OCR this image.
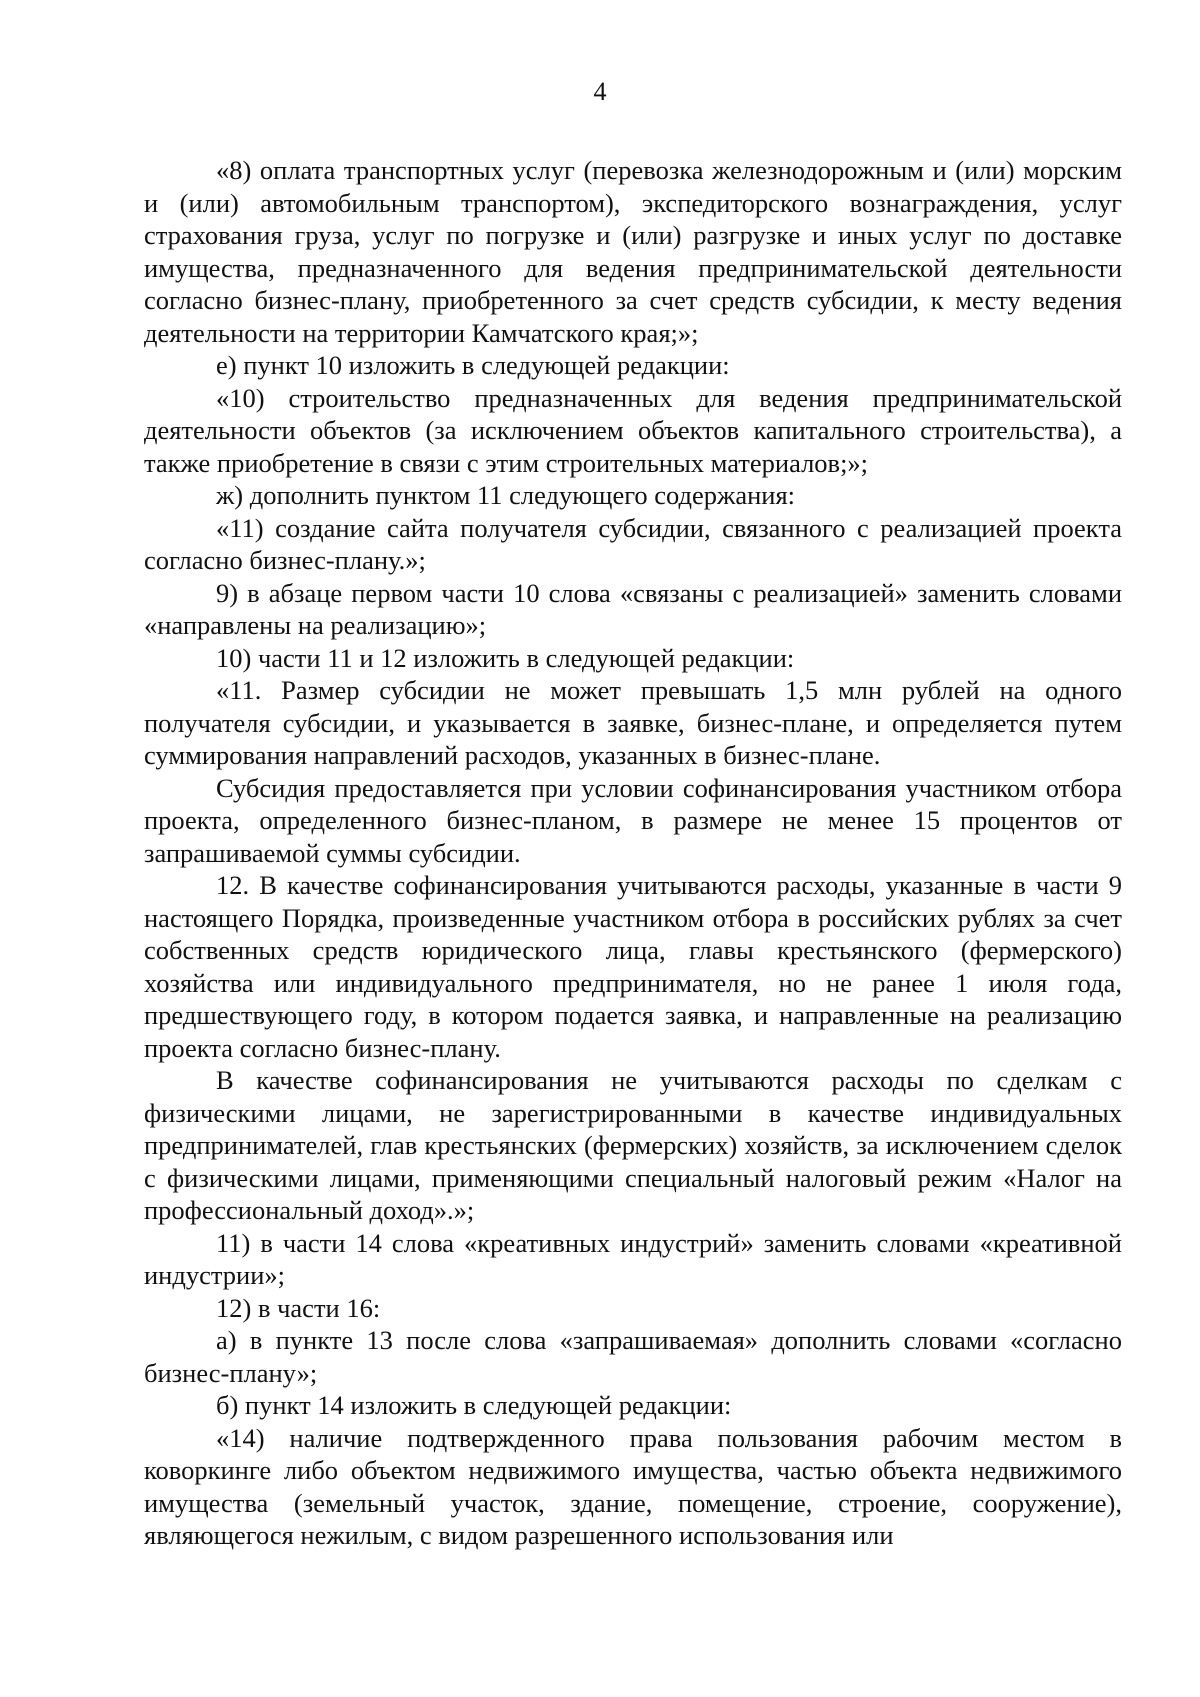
4

«8) оплата транспортных услуг (перевозка железнодорожным и (или) морским и (или) автомобильным транспортом), экспедиторского вознаграждения, услуг страхования груза, услуг по погрузке и (или) разгрузке и иных услуг по доставке имущества, предназначенного для ведения предпринимательской деятельности согласно бизнес-плану, приобретенного за счет средств субсидии, к месту ведения деятельности на территории Камчатского края;»;

е) пункт 10 изложить в следующей редакции:

«10) строительство предназначенных для ведения предпринимательской деятельности объектов (за исключением объектов капитального строительства), а также приобретение в связи с этим строительных материалов;»;

ж) дополнить пунктом 11 следующего содержания:

«11) создание сайта получателя субсидии, связанного с реализацией проекта согласно бизнес-плану.»;

9) в абзаце первом части 10 слова «связаны с реализацией» заменить словами «направлены на реализацию»;

10) части 11 и 12 изложить в следующей редакции:

«11. Размер субсидии не может превышать 1,5 млн рублей на одного получателя субсидии, и указывается в заявке, бизнес-плане, и определяется путем суммирования направлений расходов, указанных в бизнес-плане.

Субсидия предоставляется при условии софинансирования участником отбора проекта, определенного бизнес-планом, в размере не менее 15 процентов от запрашиваемой суммы субсидии.

12. В качестве софинансирования учитываются расходы, указанные в части 9 настоящего Порядка, произведенные участником отбора в российских рублях за счет собственных средств юридического лица, главы крестьянского (фермерского) хозяйства или индивидуального предпринимателя, но не ранее 1 июля года, предшествующего году, в котором подается заявка, и направленные на реализацию проекта согласно бизнес-плану.

В качестве софинансирования не учитываются расходы по сделкам с физическими лицами, не зарегистрированными в качестве индивидуальных предпринимателей, глав крестьянских (фермерских) хозяйств, за исключением сделок с физическими лицами, применяющими специальный налоговый режим «Налог на профессиональный доход».»;

11) в части 14 слова «креативных индустрий» заменить словами «креативной индустрии»;

12) в части 16:

а) в пункте 13 после слова «запрашиваемая» дополнить словами «согласно бизнес-плану»;

б) пункт 14 изложить в следующей редакции:

«14) наличие подтвержденного права пользования рабочим местом в коворкинге либо объектом недвижимого имущества, частью объекта недвижимого имущества (земельный участок, здание, помещение, строение, сооружение), являющегося нежилым, с видом разрешенного использования или
